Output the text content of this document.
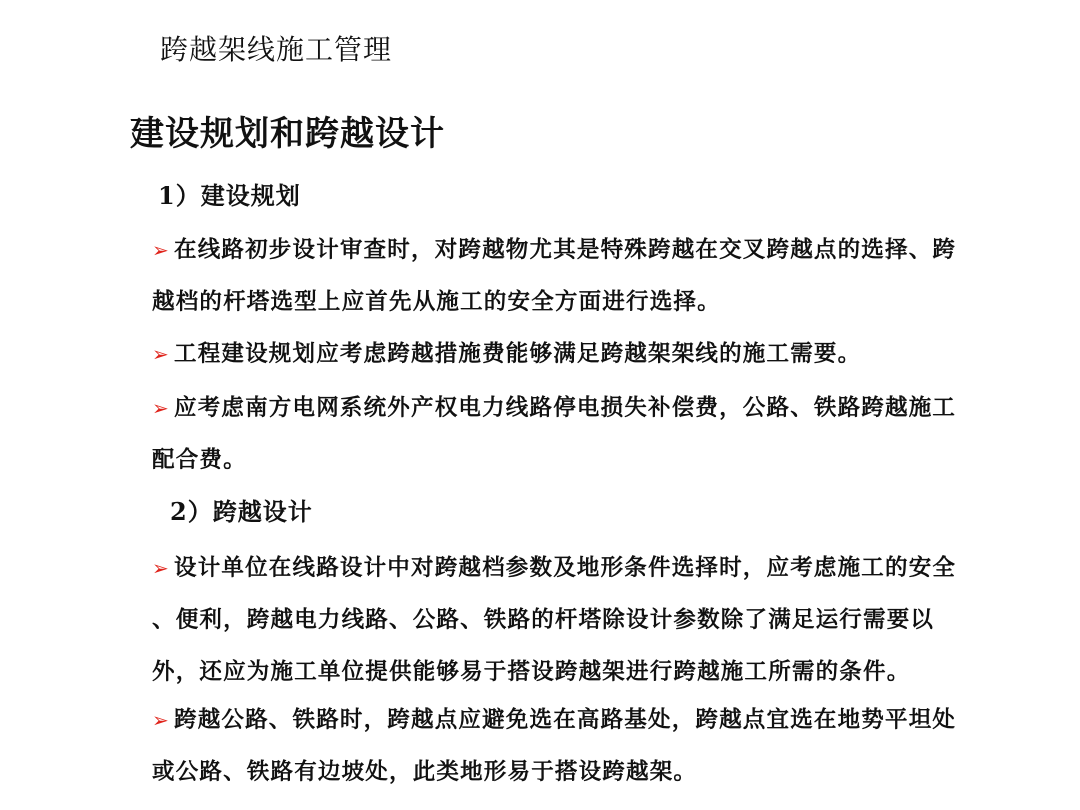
跨越架线施工管理
建设规划和跨越设计
1）建设规划
➢ 在线路初步设计审查时，对跨越物尤其是特殊跨越在交叉跨越点的选择、跨
越档的杆塔选型上应首先从施工的安全方面进行选择。
➢ 工程建设规划应考虑跨越措施费能够满足跨越架架线的施工需要。
➢ 应考虑南方电网系统外产权电力线路停电损失补偿费，公路、铁路跨越施工
配合费。
2）跨越设计
➢ 设计单位在线路设计中对跨越档参数及地形条件选择时，应考虑施工的安全
、便利，跨越电力线路、公路、铁路的杆塔除设计参数除了满足运行需要以
外，还应为施工单位提供能够易于搭设跨越架进行跨越施工所需的条件。
➢ 跨越公路、铁路时，跨越点应避免选在高路基处，跨越点宜选在地势平坦处
或公路、铁路有边坡处，此类地形易于搭设跨越架。
